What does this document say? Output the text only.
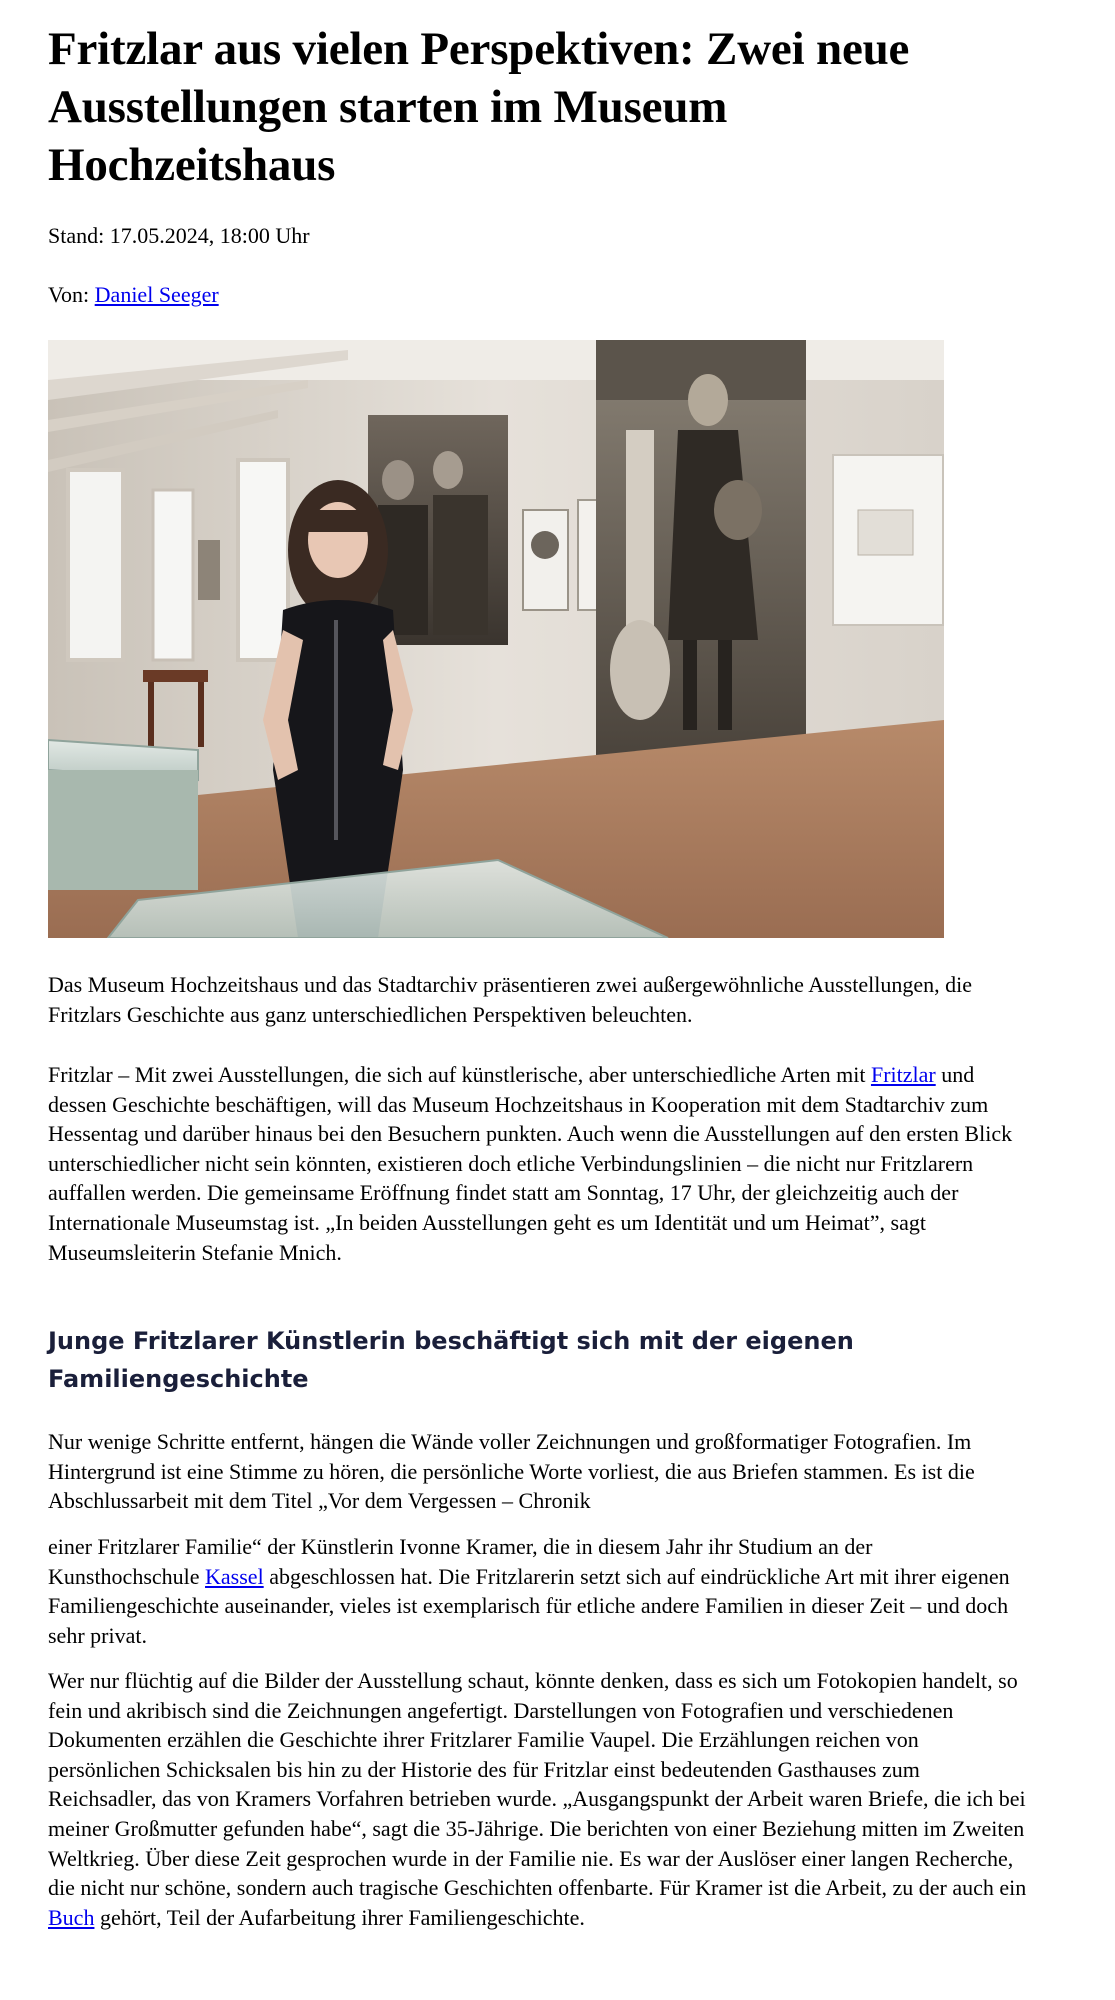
Fritzlar aus vielen Perspektiven: Zwei neue Ausstellungen starten im Museum Hochzeitshaus

Stand: 17.05.2024, 18:00 Uhr

Von: Daniel Seeger

Das Museum Hochzeitshaus und das Stadtarchiv präsentieren zwei außergewöhnliche Ausstellungen, die Fritzlars Geschichte aus ganz unterschiedlichen Perspektiven beleuchten.

Fritzlar – Mit zwei Ausstellungen, die sich auf künstlerische, aber unterschiedliche Arten mit Fritzlar und dessen Geschichte beschäftigen, will das Museum Hochzeitshaus in Kooperation mit dem Stadtarchiv zum Hessentag und darüber hinaus bei den Besuchern punkten. Auch wenn die Ausstellungen auf den ersten Blick unterschiedlicher nicht sein könnten, existieren doch etliche Verbindungslinien – die nicht nur Fritzlarern auffallen werden. Die gemeinsame Eröffnung findet statt am Sonntag, 17 Uhr, der gleichzeitig auch der Internationale Museumstag ist. „In beiden Ausstellungen geht es um Identität und um Heimat”, sagt Museumsleiterin Stefanie Mnich.

Junge Fritzlarer Künstlerin beschäftigt sich mit der eigenen Familiengeschichte

Nur wenige Schritte entfernt, hängen die Wände voller Zeichnungen und großformatiger Fotografien. Im Hintergrund ist eine Stimme zu hören, die persönliche Worte vorliest, die aus Briefen stammen. Es ist die Abschlussarbeit mit dem Titel „Vor dem Vergessen – Chronik

einer Fritzlarer Familie“ der Künstlerin Ivonne Kramer, die in diesem Jahr ihr Studium an der Kunsthochschule Kassel abgeschlossen hat. Die Fritzlarerin setzt sich auf eindrückliche Art mit ihrer eigenen Familiengeschichte auseinander, vieles ist exemplarisch für etliche andere Familien in dieser Zeit – und doch sehr privat.

Wer nur flüchtig auf die Bilder der Ausstellung schaut, könnte denken, dass es sich um Fotokopien handelt, so fein und akribisch sind die Zeichnungen angefertigt. Darstellungen von Fotografien und verschiedenen Dokumenten erzählen die Geschichte ihrer Fritzlarer Familie Vaupel. Die Erzählungen reichen von persönlichen Schicksalen bis hin zu der Historie des für Fritzlar einst bedeutenden Gasthauses zum Reichsadler, das von Kramers Vorfahren betrieben wurde. „Ausgangspunkt der Arbeit waren Briefe, die ich bei meiner Großmutter gefunden habe“, sagt die 35-Jährige. Die berichten von einer Beziehung mitten im Zweiten Weltkrieg. Über diese Zeit gesprochen wurde in der Familie nie. Es war der Auslöser einer langen Recherche, die nicht nur schöne, sondern auch tragische Geschichten offenbarte. Für Kramer ist die Arbeit, zu der auch ein Buch gehört, Teil der Aufarbeitung ihrer Familiengeschichte.
